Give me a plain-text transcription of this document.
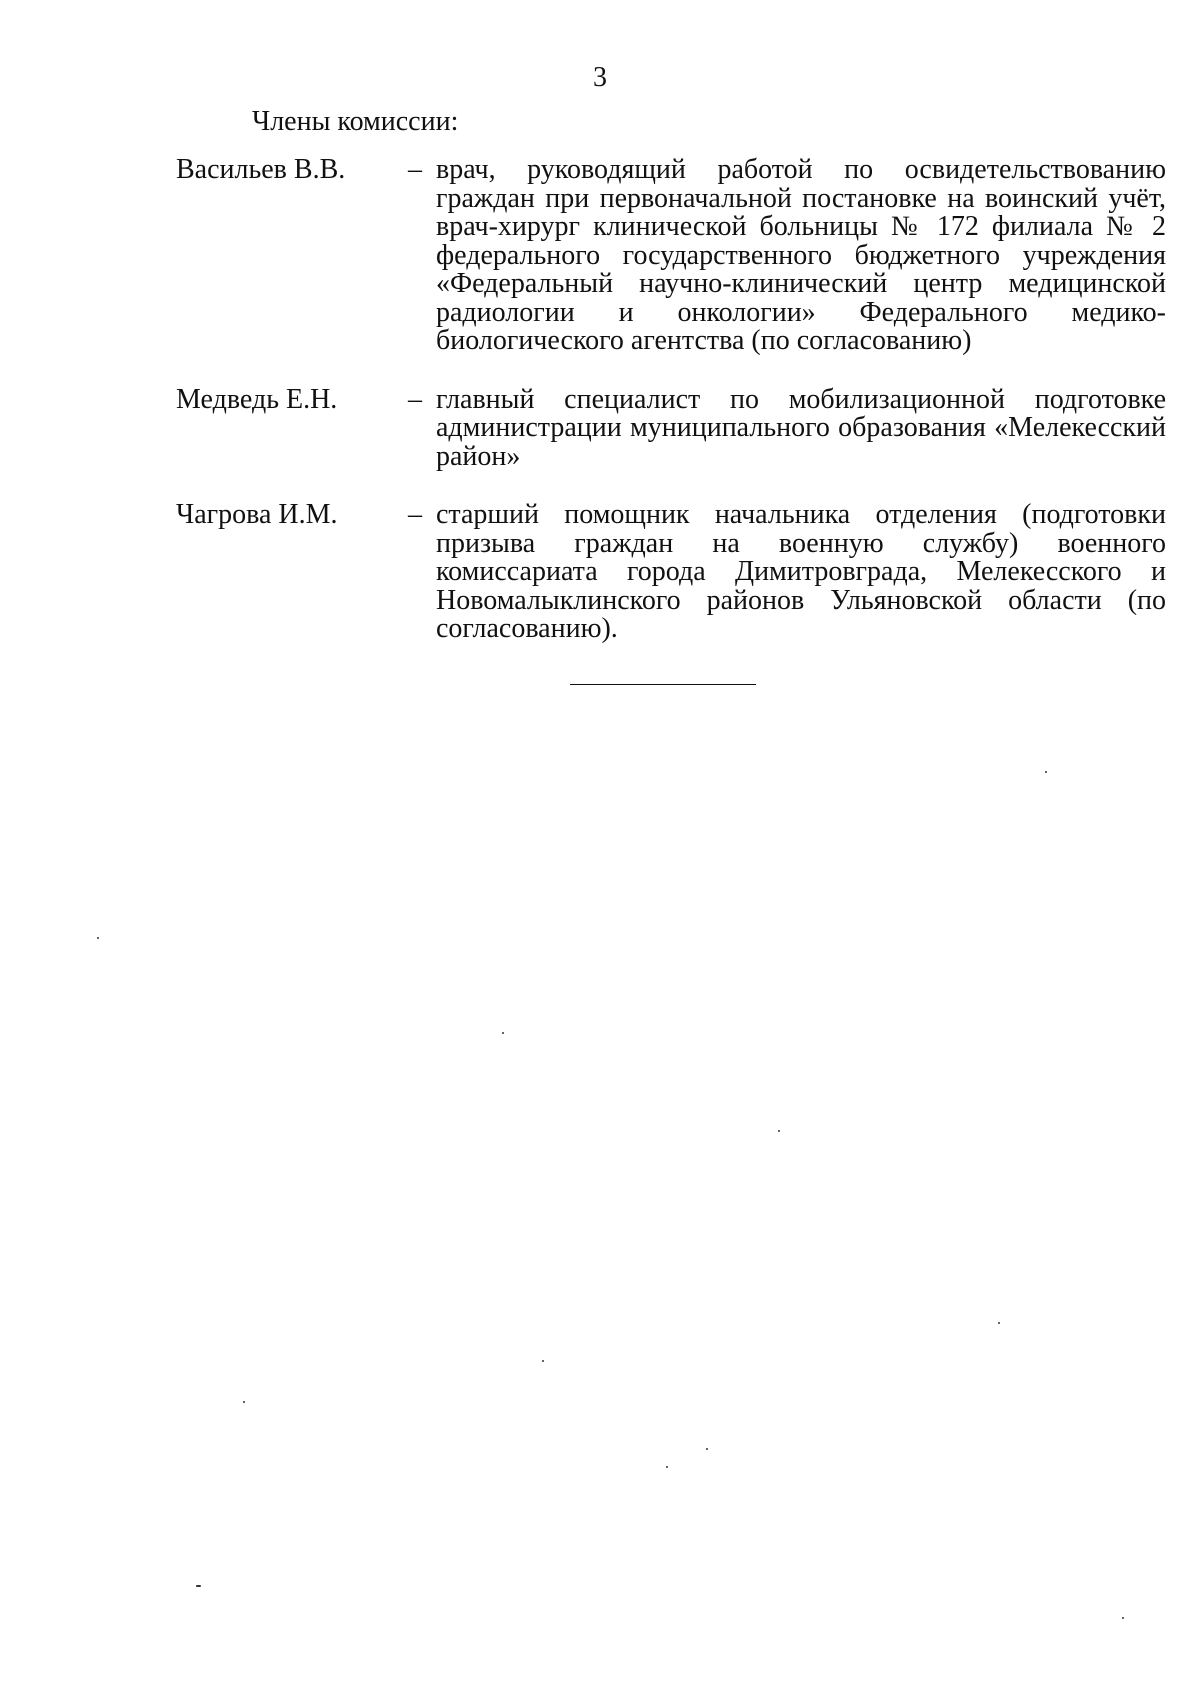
3
Члены комиссии:
Васильев В.В.	– врач, руководящий работой по освидетельствованию граждан при первоначальной постановке на воинский учёт, врач-хирург клинической больницы № 172 филиала № 2 федерального государственного бюджетного учреждения «Федеральный научно-клинический центр медицинской радиологии и онкологии» Федерального медико-биологического агентства (по согласованию)
Медведь Е.Н.	– главный специалист по мобилизационной подготовке администрации муниципального образования «Мелекесский район»
Чагрова И.М.	– старший помощник начальника отделения (подготовки призыва граждан на военную службу) военного комиссариата города Димитровграда, Мелекесского и Новомалыклинского районов Ульяновской области (по согласованию).
